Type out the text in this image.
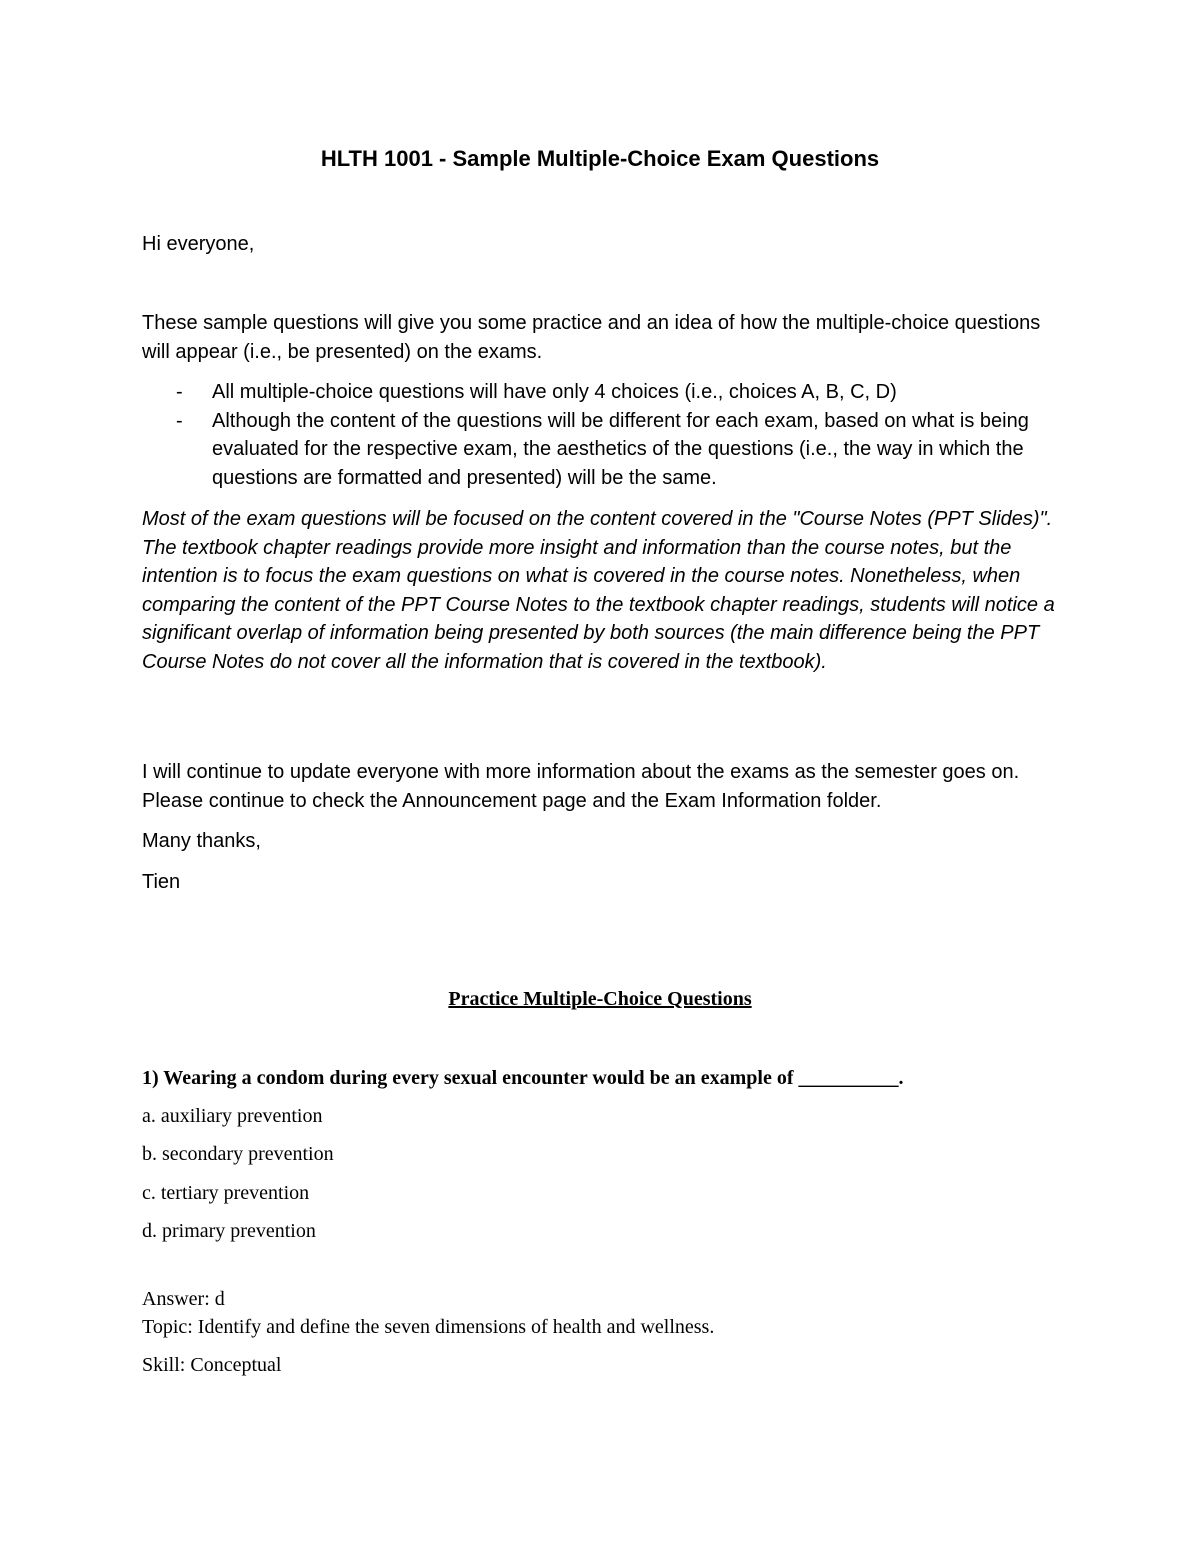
HLTH 1001 - Sample Multiple-Choice Exam Questions

Hi everyone,

These sample questions will give you some practice and an idea of how the multiple-choice questions will appear (i.e., be presented) on the exams.

- All multiple-choice questions will have only 4 choices (i.e., choices A, B, C, D)
- Although the content of the questions will be different for each exam, based on what is being evaluated for the respective exam, the aesthetics of the questions (i.e., the way in which the questions are formatted and presented) will be the same.

Most of the exam questions will be focused on the content covered in the "Course Notes (PPT Slides)". The textbook chapter readings provide more insight and information than the course notes, but the intention is to focus the exam questions on what is covered in the course notes. Nonetheless, when comparing the content of the PPT Course Notes to the textbook chapter readings, students will notice a significant overlap of information being presented by both sources (the main difference being the PPT Course Notes do not cover all the information that is covered in the textbook).

I will continue to update everyone with more information about the exams as the semester goes on. Please continue to check the Announcement page and the Exam Information folder.

Many thanks,

Tien

Practice Multiple-Choice Questions

1) Wearing a condom during every sexual encounter would be an example of __________.

a. auxiliary prevention

b. secondary prevention

c. tertiary prevention

d. primary prevention

Answer: d

Topic: Identify and define the seven dimensions of health and wellness.

Skill: Conceptual
